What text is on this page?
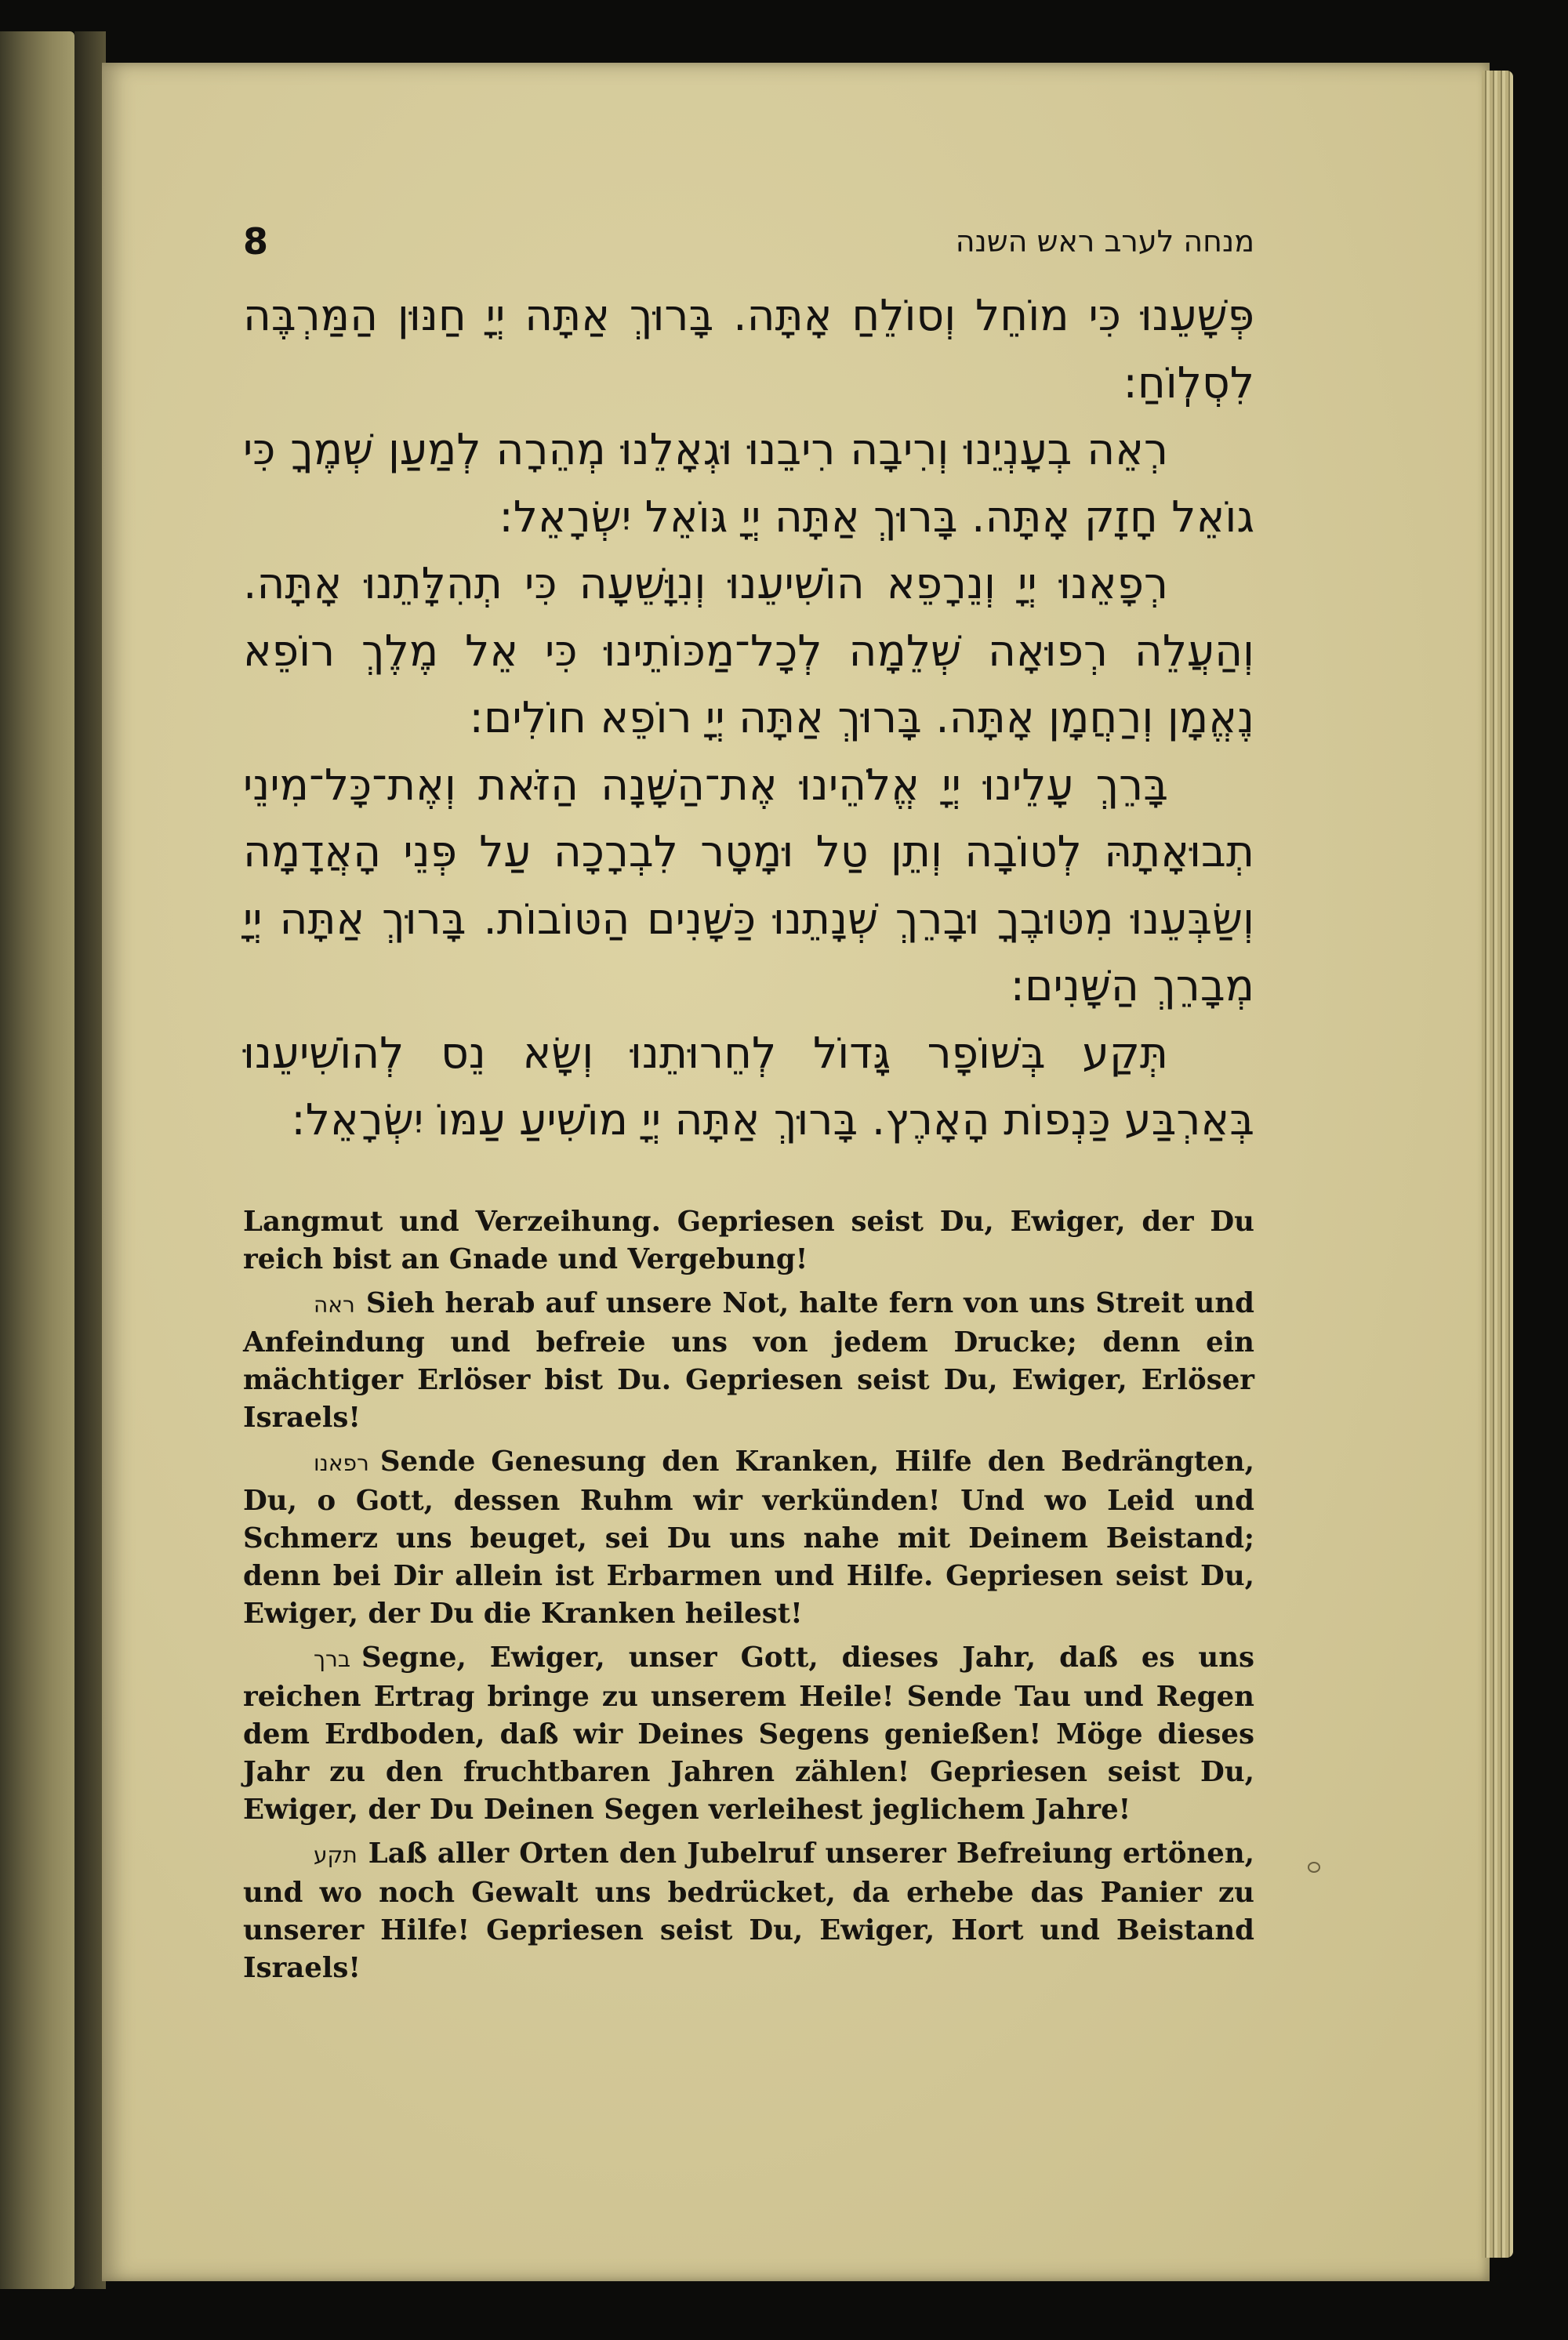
8	מנחה לערב ראש השנה

פְּשָׁעֵנוּ כִּי מוֹחֵל וְסוֹלֵחַ אָתָּה. בָּרוּךְ אַתָּה יְיָ חַנּוּן הַמַּרְבֶּה לִסְלֽוֹחַ:

רְאֵה בְעָנְיֵנוּ וְרִיבָה רִיבֵנוּ וּגְאָלֵנוּ מְהֵרָה לְמַעַן שְׁמֶךָ כִּי גוֹאֵל חָזָק אָתָּה. בָּרוּךְ אַתָּה יְיָ גּוֹאֵל יִשְׂרָאֵל:

רְפָאֵנוּ יְיָ וְנֵרָפֵא הוֹשִׁיעֵנוּ וְנִוָּשֵׁעָה כִּי תְהִלָּתֵנוּ אָתָּה. וְהַעֲלֵה רְפוּאָה שְׁלֵמָה לְכָל־מַכּוֹתֵינוּ כִּי אֵל מֶלֶךְ רוֹפֵא נֶאֱמָן וְרַחֲמָן אָתָּה. בָּרוּךְ אַתָּה יְיָ רוֹפֵא חוֹלִים:

בָּרֵךְ עָלֵינוּ יְיָ אֱלֹהֵינוּ אֶת־הַשָּׁנָה הַזֹּאת וְאֶת־כָּל־מִינֵי תְבוּאָתָהּ לְטוֹבָה וְתֵן טַל וּמָטָר לִבְרָכָה עַל פְּנֵי הָאֲדָמָה וְשַׂבְּעֵנוּ מִטּוּבֶךָ וּבָרֵךְ שְׁנָתֵנוּ כַּשָּׁנִים הַטּוֹבוֹת. בָּרוּךְ אַתָּה יְיָ מְבָרֵךְ הַשָּׁנִים:

תְּקַע בְּשׁוֹפָר גָּדוֹל לְחֵרוּתֵנוּ וְשָׂא נֵס לְהוֹשִׁיעֵנוּ בְּאַרְבַּע כַּנְפוֹת הָאָרֶץ. בָּרוּךְ אַתָּה יְיָ מוֹשִׁיעַ עַמּוֹ יִשְׂרָאֵל:

Langmut und Verzeihung. Gepriesen seist Du, Ewiger, der Du reich bist an Gnade und Vergebung!

ראה Sieh herab auf unsere Not, halte fern von uns Streit und Anfeindung und befreie uns von jedem Drucke; denn ein mächtiger Erlöser bist Du. Gepriesen seist Du, Ewiger, Erlöser Israels!

רפאנו Sende Genesung den Kranken, Hilfe den Bedrängten, Du, o Gott, dessen Ruhm wir verkünden! Und wo Leid und Schmerz uns beuget, sei Du uns nahe mit Deinem Beistand; denn bei Dir allein ist Erbarmen und Hilfe. Gepriesen seist Du, Ewiger, der Du die Kranken heilest!

ברך Segne, Ewiger, unser Gott, dieses Jahr, daß es uns reichen Ertrag bringe zu unserem Heile! Sende Tau und Regen dem Erdboden, daß wir Deines Segens genießen! Möge dieses Jahr zu den fruchtbaren Jahren zählen! Gepriesen seist Du, Ewiger, der Du Deinen Segen verleihest jeglichem Jahre!

תקע Laß aller Orten den Jubelruf unserer Befreiung ertönen, und wo noch Gewalt uns bedrücket, da erhebe das Panier zu unserer Hilfe! Gepriesen seist Du, Ewiger, Hort und Beistand Israels!
